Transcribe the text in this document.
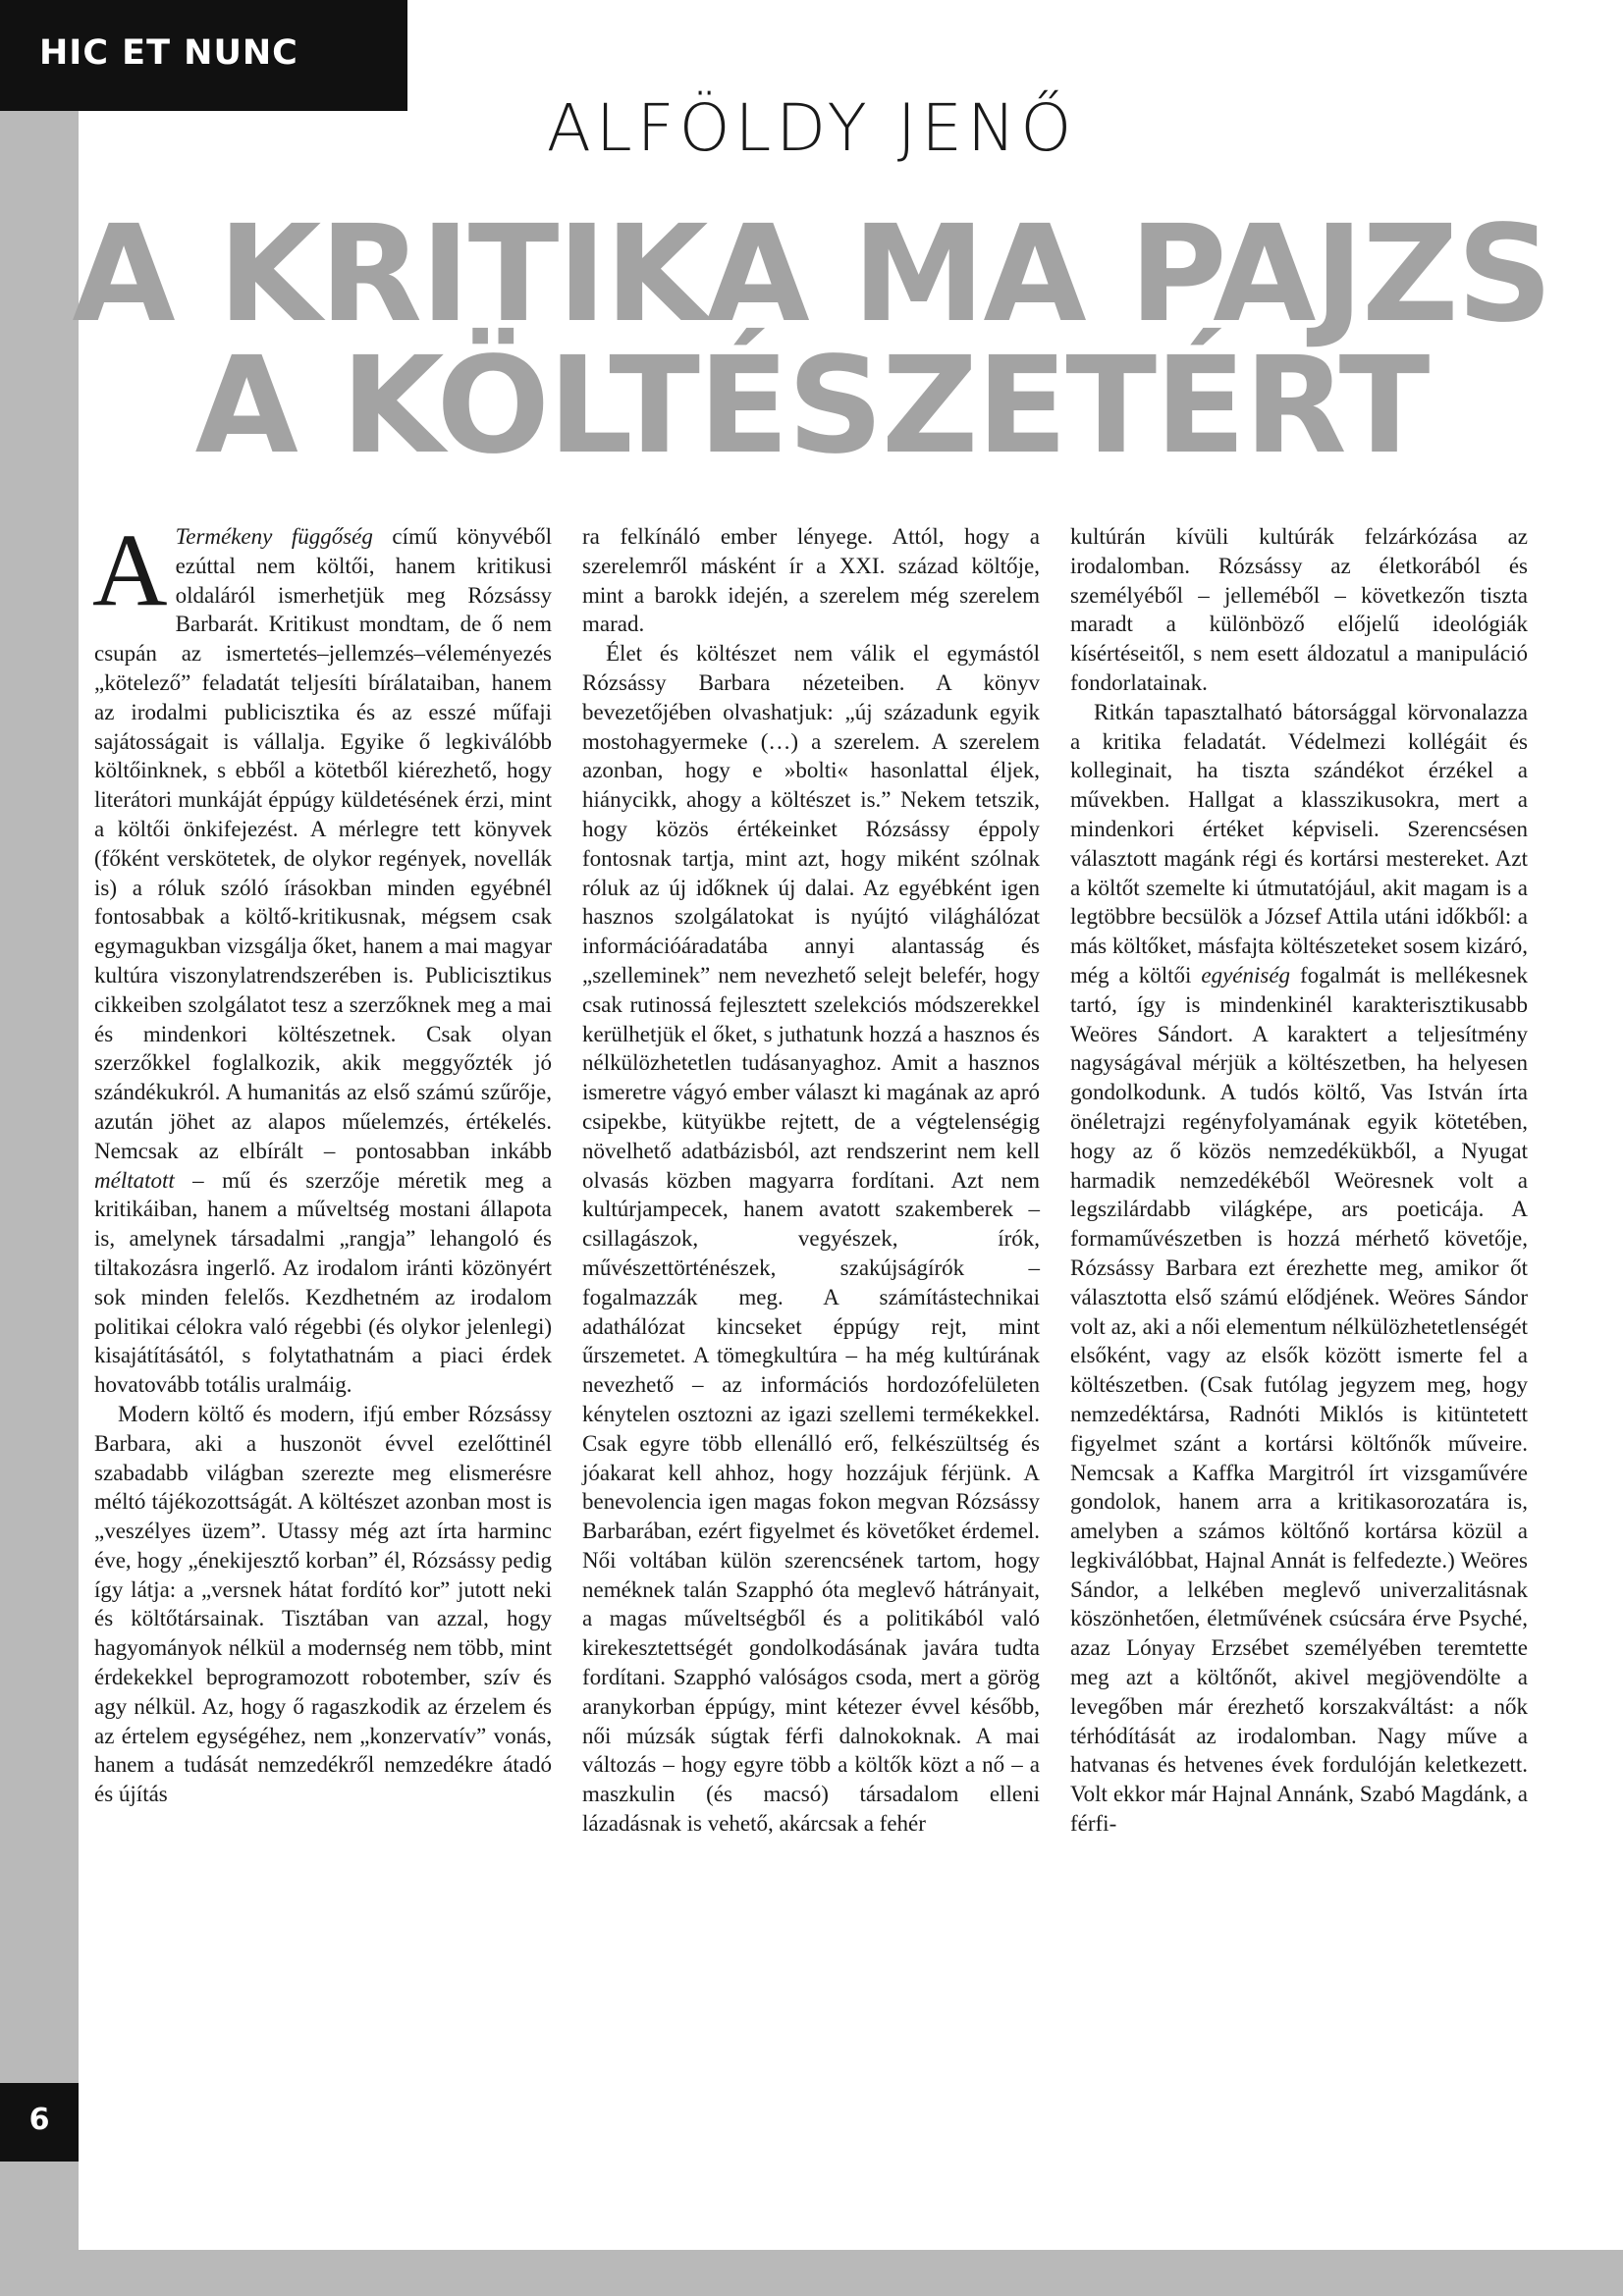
HIC ET NUNC
ALFÖLDY JENŐ
A KRITIKA MA PAJZS
A KÖLTÉSZETÉRT

A Termékeny függőség című könyvéből ezúttal nem költői, hanem kritikusi oldaláról ismerhetjük meg Rózsássy Barbarát. Kritikust mondtam, de ő nem csupán az ismertetés–jellemzés–véleményezés „kötelező” feladatát teljesíti bírálataiban, hanem az irodalmi publicisztika és az esszé műfaji sajátosságait is vállalja. Egyike ő legkiválóbb költőinknek, s ebből a kötetből kiérezhető, hogy literátori munkáját éppúgy küldetésének érzi, mint a költői önkifejezést. A mérlegre tett könyvek (főként verskötetek, de olykor regények, novellák is) a róluk szóló írásokban minden egyébnél fontosabbak a költő-kritikusnak, mégsem csak egymagukban vizsgálja őket, hanem a mai magyar kultúra viszonylatrendszerében is. Publicisztikus cikkeiben szolgálatot tesz a szerzőknek meg a mai és mindenkori költészetnek. Csak olyan szerzőkkel foglalkozik, akik meggyőzték jó szándékukról. A humanitás az első számú szűrője, azután jöhet az alapos műelemzés, értékelés. Nemcsak az elbírált – pontosabban inkább méltatott – mű és szerzője méretik meg a kritikáiban, hanem a műveltség mostani állapota is, amelynek társadalmi „rangja” lehangoló és tiltakozásra ingerlő. Az irodalom iránti közönyért sok minden felelős. Kezdhetném az irodalom politikai célokra való régebbi (és olykor jelenlegi) kisajátításától, s folytathatnám a piaci érdek hovatovább totális uralmáig.

Modern költő és modern, ifjú ember Rózsássy Barbara, aki a huszonöt évvel ezelőttinél szabadabb világban szerezte meg elismerésre méltó tájékozottságát. A költészet azonban most is „veszélyes üzem”. Utassy még azt írta harminc éve, hogy „énekijesztő korban” él, Rózsássy pedig így látja: a „versnek hátat fordító kor” jutott neki és költőtársainak. Tisztában van azzal, hogy hagyományok nélkül a modernség nem több, mint érdekekkel beprogramozott robotember, szív és agy nélkül. Az, hogy ő ragaszkodik az érzelem és az értelem egységéhez, nem „konzervatív” vonás, hanem a tudását nemzedékről nemzedékre átadó és újítás

ra felkínáló ember lényege. Attól, hogy a szerelemről másként ír a XXI. század költője, mint a barokk idején, a szerelem még szerelem marad.

Élet és költészet nem válik el egymástól Rózsássy Barbara nézeteiben. A könyv bevezetőjében olvashatjuk: „új századunk egyik mostohagyermeke (…) a szerelem. A szerelem azonban, hogy e »bolti« hasonlattal éljek, hiánycikk, ahogy a költészet is.” Nekem tetszik, hogy közös értékeinket Rózsássy éppoly fontosnak tartja, mint azt, hogy miként szólnak róluk az új időknek új dalai. Az egyébként igen hasznos szolgálatokat is nyújtó világhálózat információáradatába annyi alantasság és „szelleminek” nem nevezhető selejt belefér, hogy csak rutinossá fejlesztett szelekciós módszerekkel kerülhetjük el őket, s juthatunk hozzá a hasznos és nélkülözhetetlen tudásanyaghoz. Amit a hasznos ismeretre vágyó ember választ ki magának az apró csipekbe, kütyükbe rejtett, de a végtelenségig növelhető adatbázisból, azt rendszerint nem kell olvasás közben magyarra fordítani. Azt nem kultúrjampecek, hanem avatott szakemberek – csillagászok, vegyészek, írók, művészettörténészek, szakújságírók – fogalmazzák meg. A számítástechnikai adathálózat kincseket éppúgy rejt, mint űrszemetet. A tömegkultúra – ha még kultúrának nevezhető – az információs hordozófelületen kénytelen osztozni az igazi szellemi termékekkel. Csak egyre több ellenálló erő, felkészültség és jóakarat kell ahhoz, hogy hozzájuk férjünk. A benevolencia igen magas fokon megvan Rózsássy Barbarában, ezért figyelmet és követőket érdemel. Női voltában külön szerencsének tartom, hogy neméknek talán Szapphó óta meglevő hátrányait, a magas műveltségből és a politikából való kirekesztettségét gondolkodásának javára tudta fordítani. Szapphó valóságos csoda, mert a görög aranykorban éppúgy, mint kétezer évvel később, női múzsák súgtak férfi dalnokoknak. A mai változás – hogy egyre több a költők közt a nő – a maszkulin (és macsó) társadalom elleni lázadásnak is vehető, akárcsak a fehér

kultúrán kívüli kultúrák felzárkózása az irodalomban. Rózsássy az életkorából és személyéből – jelleméből – következőn tiszta maradt a különböző előjelű ideológiák kísértéseitől, s nem esett áldozatul a manipuláció fondorlatainak.

Ritkán tapasztalható bátorsággal körvonalazza a kritika feladatát. Védelmezi kollégáit és kolleginait, ha tiszta szándékot érzékel a művekben. Hallgat a klasszikusokra, mert a mindenkori értéket képviseli. Szerencsésen választott magánk régi és kortársi mestereket. Azt a költőt szemelte ki útmutatójául, akit magam is a legtöbbre becsülök a József Attila utáni időkből: a más költőket, másfajta költészeteket sosem kizáró, még a költői egyéniség fogalmát is mellékesnek tartó, így is mindenkinél karakterisztikusabb Weöres Sándort. A karaktert a teljesítmény nagyságával mérjük a költészetben, ha helyesen gondolkodunk. A tudós költő, Vas István írta önéletrajzi regényfolyamának egyik kötetében, hogy az ő közös nemzedékükből, a Nyugat harmadik nemzedékéből Weöresnek volt a legszilárdabb világképe, ars poeticája. A formaművészetben is hozzá mérhető követője, Rózsássy Barbara ezt érezhette meg, amikor őt választotta első számú elődjének. Weöres Sándor volt az, aki a női elementum nélkülözhetetlenségét elsőként, vagy az elsők között ismerte fel a költészetben. (Csak futólag jegyzem meg, hogy nemzedéktársa, Radnóti Miklós is kitüntetett figyelmet szánt a kortársi költőnők műveire. Nemcsak a Kaffka Margitról írt vizsgaművére gondolok, hanem arra a kritikasorozatára is, amelyben a számos költőnő kortársa közül a legkiválóbbat, Hajnal Annát is felfedezte.) Weöres Sándor, a lelkében meglevő univerzalitásnak köszönhetően, életművének csúcsára érve Psyché, azaz Lónyay Erzsébet személyében teremtette meg azt a költőnőt, akivel megjövendölte a levegőben már érezhető korszakváltást: a nők térhódítását az irodalomban. Nagy műve a hatvanas és hetvenes évek fordulóján keletkezett. Volt ekkor már Hajnal Annánk, Szabó Magdánk, a férfi-

6
